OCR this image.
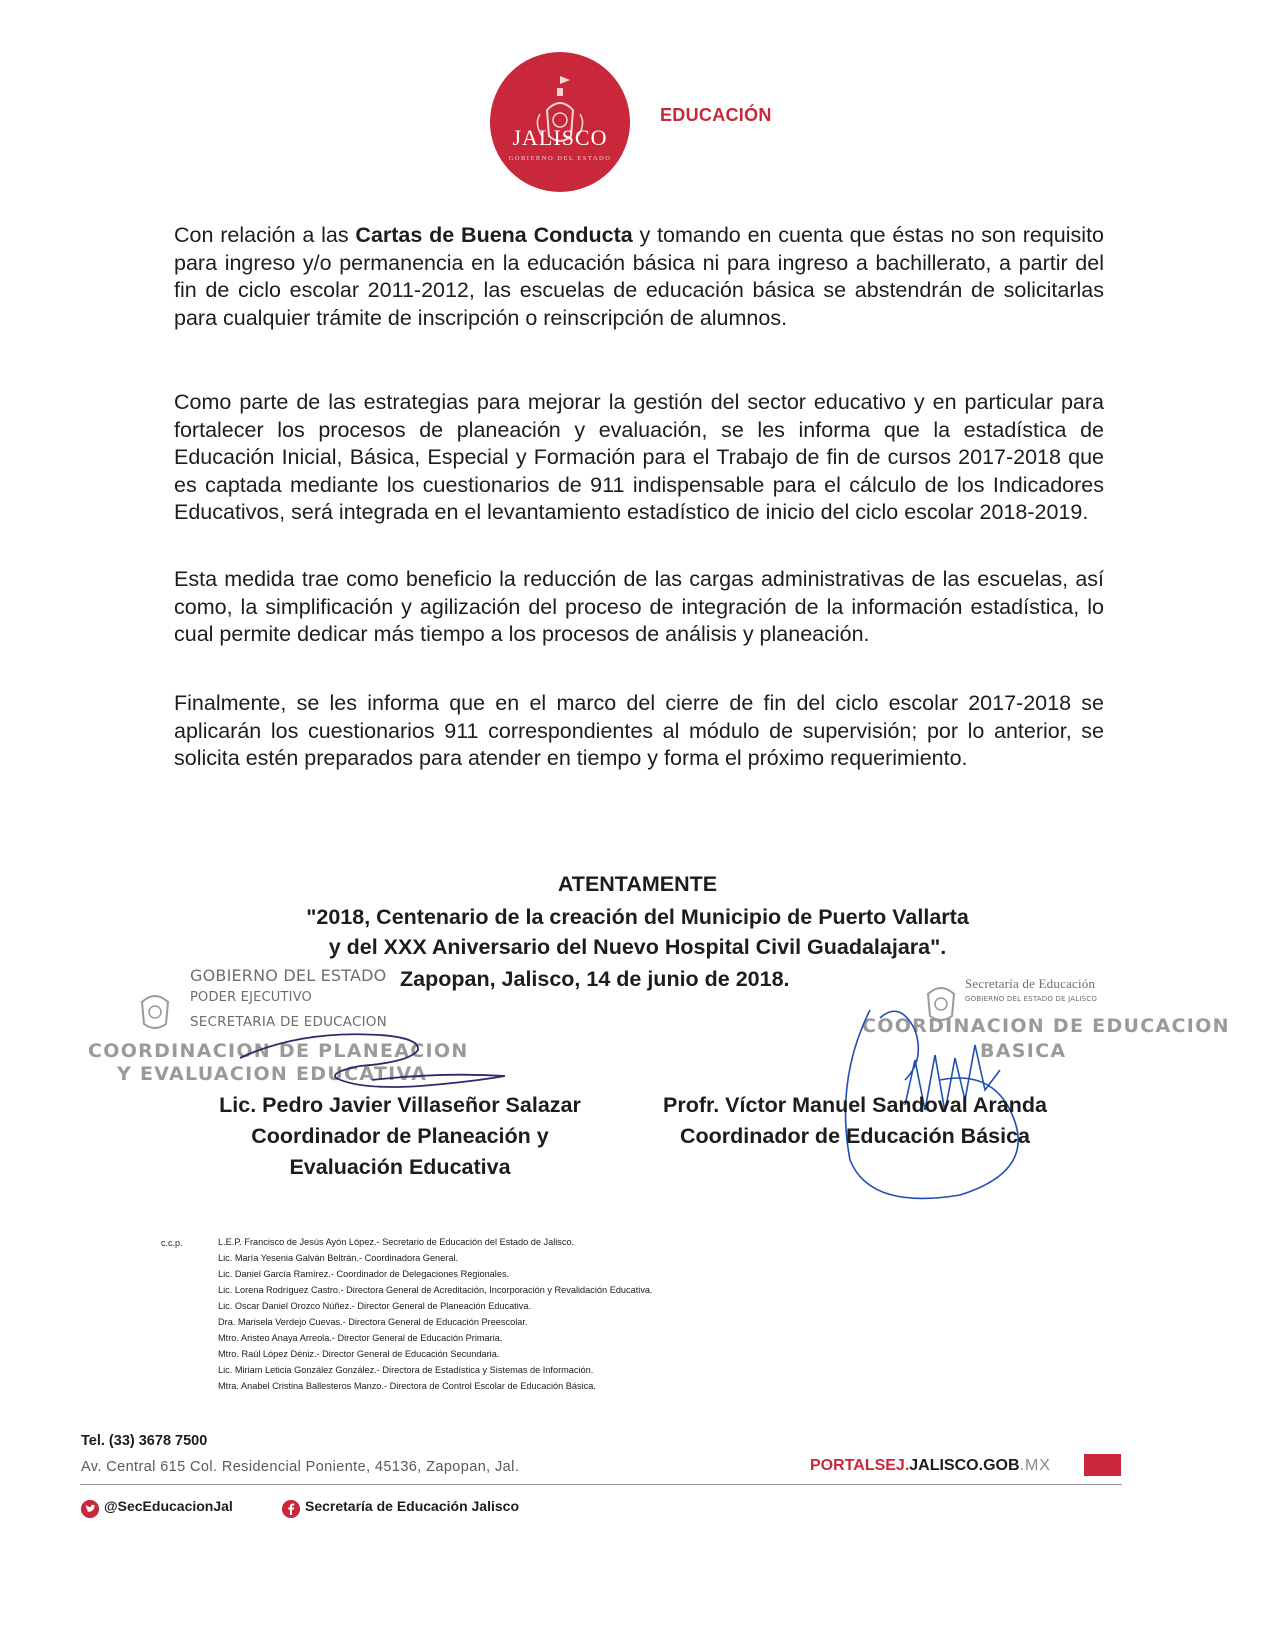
JALISCO
GOBIERNO DEL ESTADO
EDUCACIÓN
Con relación a las Cartas de Buena Conducta y tomando en cuenta que éstas no son requisito para ingreso y/o permanencia en la educación básica ni para ingreso a bachillerato, a partir del fin de ciclo escolar 2011-2012, las escuelas de educación básica se abstendrán de solicitarlas para cualquier trámite de inscripción o reinscripción de alumnos.
Como parte de las estrategias para mejorar la gestión del sector educativo y en particular para fortalecer los procesos de planeación y evaluación, se les informa que la estadística de Educación Inicial, Básica, Especial y Formación para el Trabajo de fin de cursos 2017-2018 que es captada mediante los cuestionarios de 911 indispensable para el cálculo de los Indicadores Educativos, será integrada en el levantamiento estadístico de inicio del ciclo escolar 2018-2019.
Esta medida trae como beneficio la reducción de las cargas administrativas de las escuelas, así como, la simplificación y agilización del proceso de integración de la información estadística, lo cual permite dedicar más tiempo a los procesos de análisis y planeación.
Finalmente, se les informa que en el marco del cierre de fin del ciclo escolar 2017-2018 se aplicarán los cuestionarios 911 correspondientes al módulo de supervisión; por lo anterior, se solicita estén preparados para atender en tiempo y forma el próximo requerimiento.
ATENTAMENTE
"2018, Centenario de la creación del Municipio de Puerto Vallarta
y del XXX Aniversario del Nuevo Hospital Civil Guadalajara".
Zapopan, Jalisco, 14 de junio de 2018.
GOBIERNO DEL ESTADO
PODER EJECUTIVO
SECRETARIA DE EDUCACION
COORDINACION DE PLANEACION
Y EVALUACION EDUCATIVA
Secretaría de Educación
GOBIERNO DEL ESTADO DE JALISCO
COORDINACION DE EDUCACION
BASICA
Lic. Pedro Javier Villaseñor Salazar
Coordinador de Planeación y
Evaluación Educativa
Profr. Víctor Manuel Sandoval Aranda
Coordinador de Educación Básica
c.c.p.	L.E.P. Francisco de Jesús Ayón López.- Secretario de Educación del Estado de Jalisco.
Lic. María Yesenia Galván Beltrán.- Coordinadora General.
Lic. Daniel García Ramírez.- Coordinador de Delegaciones Regionales.
Lic. Lorena Rodríguez Castro.- Directora General de Acreditación, Incorporación y Revalidación Educativa.
Lic. Oscar Daniel Orozco Núñez.- Director General de Planeación Educativa.
Dra. Marisela Verdejo Cuevas.- Directora General de Educación Preescolar.
Mtro. Aristeo Anaya Arreola.- Director General de Educación Primaria.
Mtro. Raúl López Déniz.- Director General de Educación Secundaria.
Lic. Miriam Leticia González González.- Directora de Estadística y Sistemas de Información.
Mtra. Anabel Cristina Ballesteros Manzo.- Directora de Control Escolar de Educación Básica.
Tel. (33) 3678 7500
Av. Central 615 Col. Residencial Poniente, 45136, Zapopan, Jal.	PORTALSEJ.JALISCO.GOB.MX
@SecEducacionJal	Secretaría de Educación Jalisco
